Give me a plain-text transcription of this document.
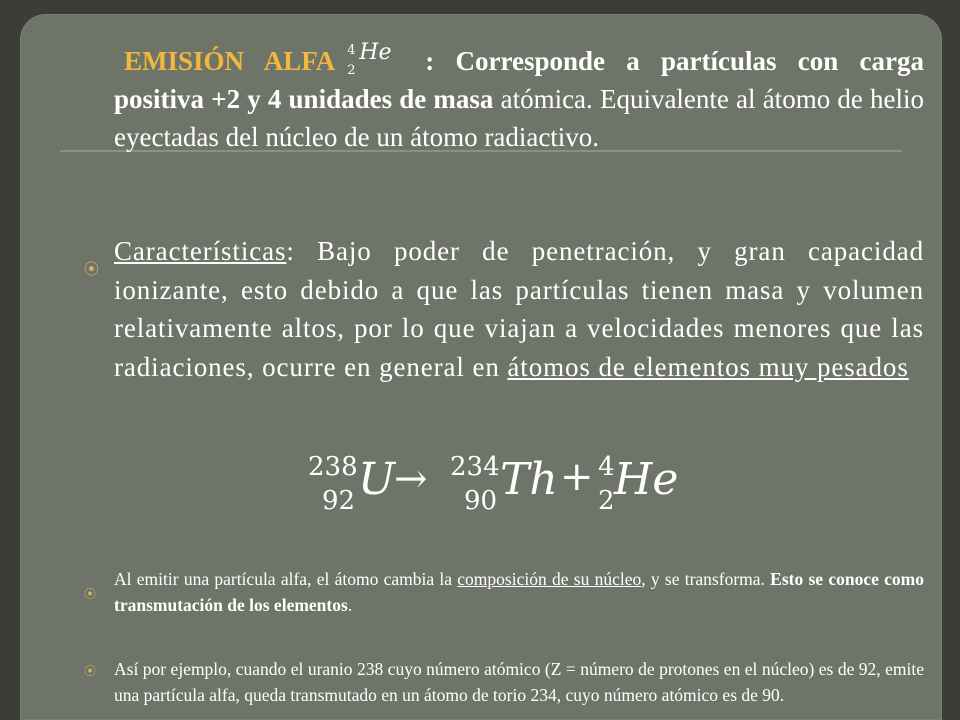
EMISIÓN ALFA 4
2
He : Corresponde a partículas con carga positiva +2 y 4 unidades de masa atómica. Equivalente al átomo de helio eyectadas del núcleo de un átomo radiactivo.

⦿

Características: Bajo poder de penetración, y gran capacidad ionizante, esto debido a que las partículas tienen masa y volumen relativamente altos, por lo que viajan a velocidades menores que las radiaciones, ocurre en general en átomos de elementos muy pesados

238
92 U
→ 234
90 Th + 4
2 He
⦿

Al emitir una partícula alfa, el átomo cambia la composición de su núcleo, y se transforma. Esto se conoce como transmutación de los elementos.

⦿ Así por ejemplo, cuando el uranio 238 cuyo número atómico (Z = número de protones en el núcleo) es de 92, emite una partícula alfa, queda transmutado en un átomo de torio 234, cuyo número atómico es de 90.
